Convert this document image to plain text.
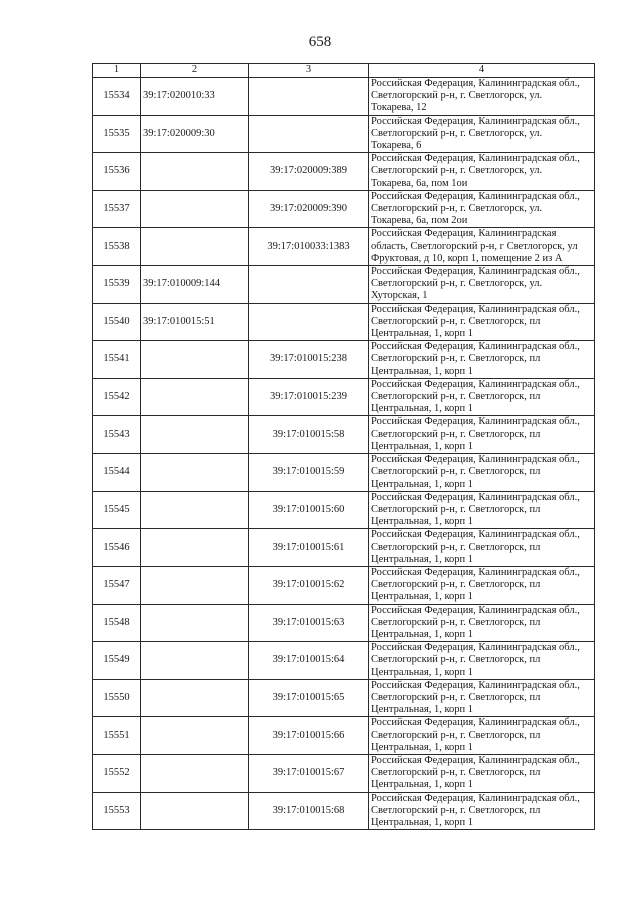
658
1	2	3	4
15534	39:17:020010:33		Российская Федерация, Калининградская обл.,
Светлогорский р-н, г. Светлогорск, ул.
Токарева, 12

15535	39:17:020009:30		Российская Федерация, Калининградская обл.,
Светлогорский р-н, г. Светлогорск, ул.
Токарева, 6

15536		39:17:020009:389	Российская Федерация, Калининградская обл.,
Светлогорский р-н, г. Светлогорск, ул.
Токарева, 6а, пом 1ои

15537		39:17:020009:390	Российская Федерация, Калининградская обл.,
Светлогорский р-н, г. Светлогорск, ул.
Токарева, 6а, пом 2ои

15538		39:17:010033:1383	Российская Федерация, Калининградская
область, Светлогорский р-н, г Светлогорск, ул
Фруктовая, д 10, корп 1, помещение 2 из А

15539	39:17:010009:144		Российская Федерация, Калининградская обл.,
Светлогорский р-н, г. Светлогорск, ул.
Хуторская, 1

15540	39:17:010015:51		Российская Федерация, Калининградская обл.,
Светлогорский р-н, г. Светлогорск, пл
Центральная, 1, корп 1

15541		39:17:010015:238	Российская Федерация, Калининградская обл.,
Светлогорский р-н, г. Светлогорск, пл
Центральная, 1, корп 1

15542		39:17:010015:239	Российская Федерация, Калининградская обл.,
Светлогорский р-н, г. Светлогорск, пл
Центральная, 1, корп 1

15543		39:17:010015:58	Российская Федерация, Калининградская обл.,
Светлогорский р-н, г. Светлогорск, пл
Центральная, 1, корп 1

15544		39:17:010015:59	Российская Федерация, Калининградская обл.,
Светлогорский р-н, г. Светлогорск, пл
Центральная, 1, корп 1

15545		39:17:010015:60	Российская Федерация, Калининградская обл.,
Светлогорский р-н, г. Светлогорск, пл
Центральная, 1, корп 1

15546		39:17:010015:61	Российская Федерация, Калининградская обл.,
Светлогорский р-н, г. Светлогорск, пл
Центральная, 1, корп 1

15547		39:17:010015:62	Российская Федерация, Калининградская обл.,
Светлогорский р-н, г. Светлогорск, пл
Центральная, 1, корп 1

15548		39:17:010015:63	Российская Федерация, Калининградская обл.,
Светлогорский р-н, г. Светлогорск, пл
Центральная, 1, корп 1

15549		39:17:010015:64	Российская Федерация, Калининградская обл.,
Светлогорский р-н, г. Светлогорск, пл
Центральная, 1, корп 1

15550		39:17:010015:65	Российская Федерация, Калининградская обл.,
Светлогорский р-н, г. Светлогорск, пл
Центральная, 1, корп 1

15551		39:17:010015:66	Российская Федерация, Калининградская обл.,
Светлогорский р-н, г. Светлогорск, пл
Центральная, 1, корп 1

15552		39:17:010015:67	Российская Федерация, Калининградская обл.,
Светлогорский р-н, г. Светлогорск, пл
Центральная, 1, корп 1

15553		39:17:010015:68	Российская Федерация, Калининградская обл.,
Светлогорский р-н, г. Светлогорск, пл
Центральная, 1, корп 1
